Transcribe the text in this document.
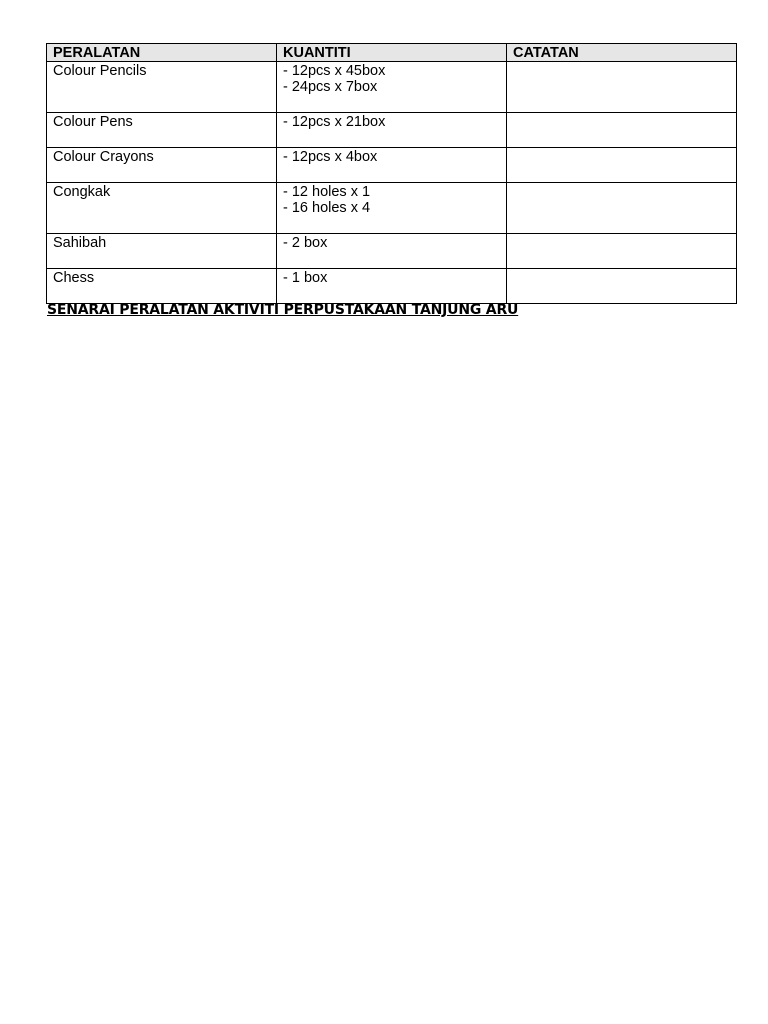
PERALATAN	KUANTITI	CATATAN
Colour Pencils	- 12pcs x 45box
- 24pcs x 7box	

Colour Pens	- 12pcs x 21box	

Colour Crayons	- 12pcs x 4box	

Congkak	- 12 holes x 1
- 16 holes x 4	

Sahibah	- 2 box	

Chess	- 1 box	

SENARAI PERALATAN AKTIVITI PERPUSTAKAAN TANJUNG ARU
